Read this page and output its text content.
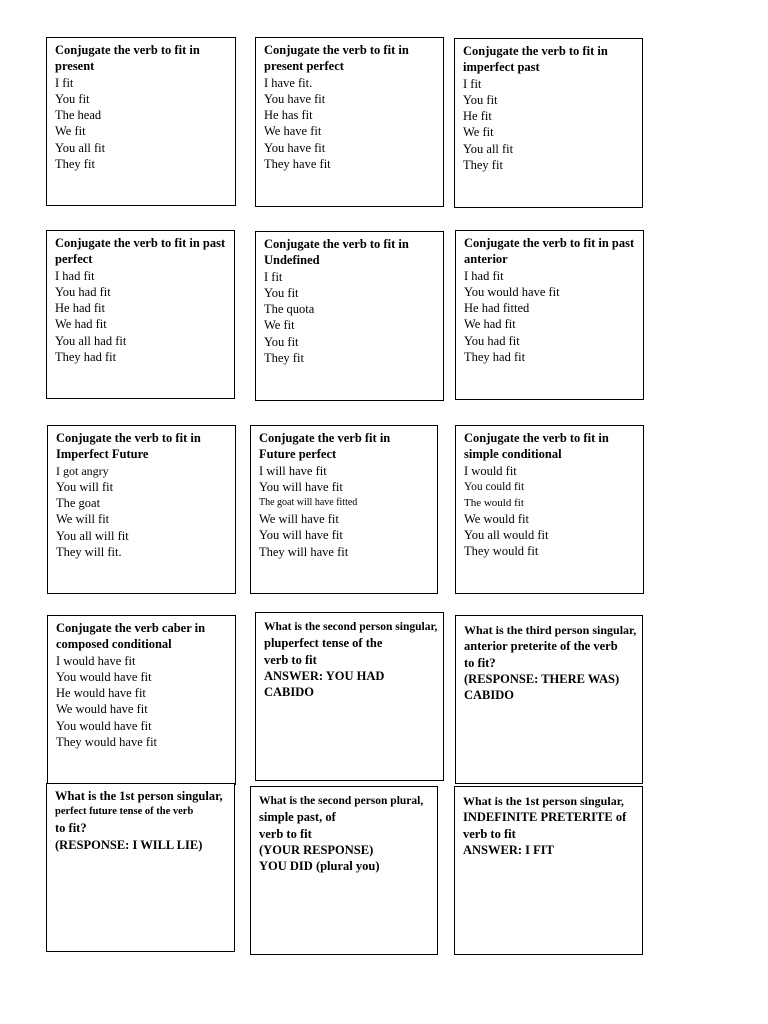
Conjugate the verb to fit in present
I fit
You fit
The head
We fit
You all fit
They fit
Conjugate the verb to fit in present perfect
I have fit.
You have fit
He has fit
We have fit
You have fit
They have fit
Conjugate the verb to fit in imperfect past
I fit
You fit
He fit
We fit
You all fit
They fit
Conjugate the verb to fit in past perfect
I had fit
You had fit
He had fit
We had fit
You all had fit
They had fit
Conjugate the verb to fit in Undefined
I fit
You fit
The quota
We fit
You fit
They fit
Conjugate the verb to fit in past anterior
I had fit
You would have fit
He had fitted
We had fit
You had fit
They had fit
Conjugate the verb to fit in Imperfect Future
I got angry
You will fit
The goat
We will fit
You all will fit
They will fit.
Conjugate the verb fit in Future perfect
I will have fit
You will have fit
The goat will have fitted
We will have fit
You will have fit
They will have fit
Conjugate the verb to fit in simple conditional
I would fit
You could fit
The would fit
We would fit
You all would fit
They would fit
Conjugate the verb caber in composed conditional
I would have fit
You would have fit
He would have fit
We would have fit
You would have fit
They would have fit
What is the second person singular,
pluperfect tense of the
verb to fit
ANSWER: YOU HAD
CABIDO
What is the third person singular,
anterior preterite of the verb
to fit?
(RESPONSE: THERE WAS)
CABIDO
What is the 1st person singular,
perfect future tense of the verb
to fit?
(RESPONSE: I WILL LIE)
What is the second person plural,
simple past, of
verb to fit
(YOUR RESPONSE)
YOU DID (plural you)
What is the 1st person singular,
INDEFINITE PRETERITE of
verb to fit
ANSWER: I FIT
